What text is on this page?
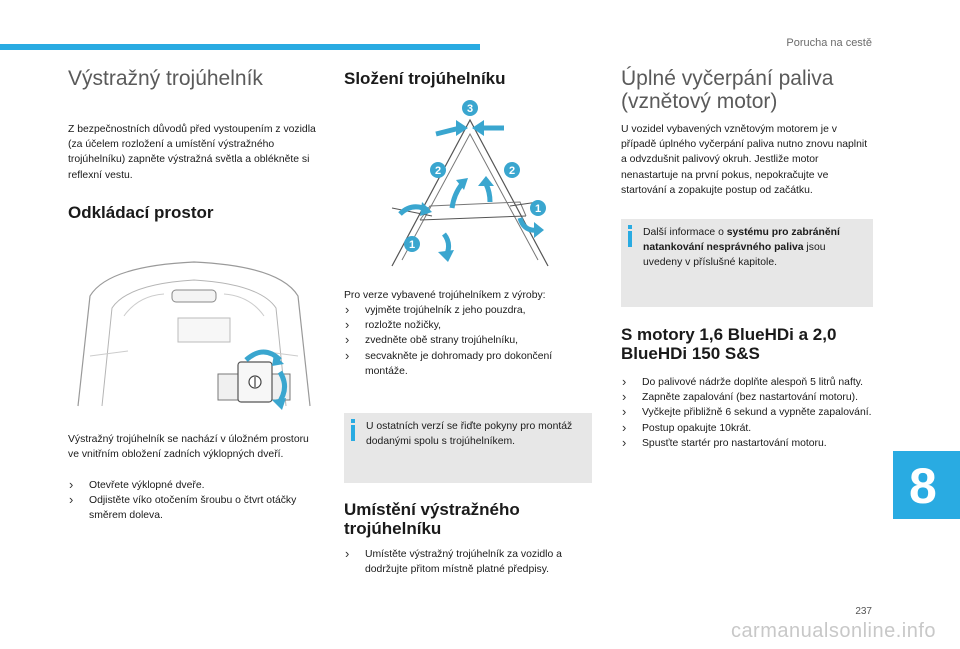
Porucha na cestě
Výstražný trojúhelník

Z bezpečnostních důvodů před vystoupením z vozidla (za účelem rozložení a umístění výstražného trojúhelníku) zapněte výstražná světla a oblékněte si reflexní vestu.

Odkládací prostor

Výstražný trojúhelník se nachází v úložném prostoru ve vnitřním obložení zadních výklopných dveří.

› Otevřete výklopné dveře.
› Odjistěte víko otočením šroubu o čtvrt otáčky směrem doleva.
Složení trojúhelníku
3
2	2
1
1

Pro verze vybavené trojúhelníkem z výroby:

› vyjměte trojúhelník z jeho pouzdra,
› rozložte nožičky,
› zvedněte obě strany trojúhelníku,
› secvakněte je dohromady pro dokončení montáže.

U ostatních verzí se řiďte pokyny pro montáž dodanými spolu s trojúhelníkem.

Umístění výstražného trojúhelníku
› Umístěte výstražný trojúhelník za vozidlo a dodržujte přitom místně platné předpisy.
Úplné vyčerpání paliva (vznětový motor)

U vozidel vybavených vznětovým motorem je v případě úplného vyčerpání paliva nutno znovu naplnit a odvzdušnit palivový okruh. Jestliže motor nenastartuje na první pokus, nepokračujte ve startování a zopakujte postup od začátku.

Další informace o systému pro zabránění natankování nesprávného paliva jsou uvedeny v příslušné kapitole.

S motory 1,6 BlueHDi a 2,0 BlueHDi 150 S&S
› Do palivové nádrže doplňte alespoň 5 litrů nafty.
› Zapněte zapalování (bez nastartování motoru).
› Vyčkejte přibližně 6 sekund a vypněte zapalování.
› Postup opakujte 10krát.
› Spusťte startér pro nastartování motoru.
8
237
carmanualsonline.info
